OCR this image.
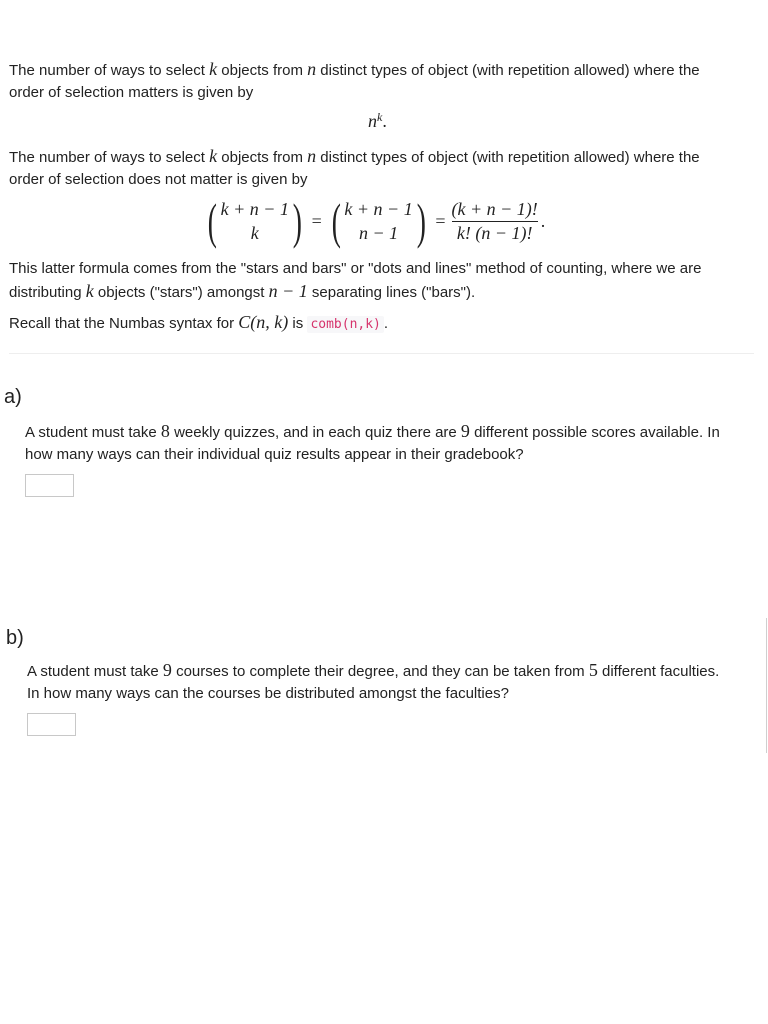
The number of ways to select k objects from n distinct types of object (with repetition allowed) where the
order of selection matters is given by

$n^k$.

The number of ways to select k objects from n distinct types of object (with repetition allowed) where the
order of selection does not matter is given by

( k + n − 1
k ) = ( k + n − 1
n − 1 ) = $\frac{(k + n - 1)!}{k! (n - 1)!}$ .

This latter formula comes from the "stars and bars" or "dots and lines" method of counting, where we are
distributing k objects ("stars") amongst n − 1 separating lines ("bars").

Recall that the Numbas syntax for C(n, k) is comb(n,k) .

a)

A student must take 8 weekly quizzes, and in each quiz there are 9 different possible scores available. In
how many ways can their individual quiz results appear in their gradebook?

b)

A student must take 9 courses to complete their degree, and they can be taken from 5 different faculties.
In how many ways can the courses be distributed amongst the faculties?
